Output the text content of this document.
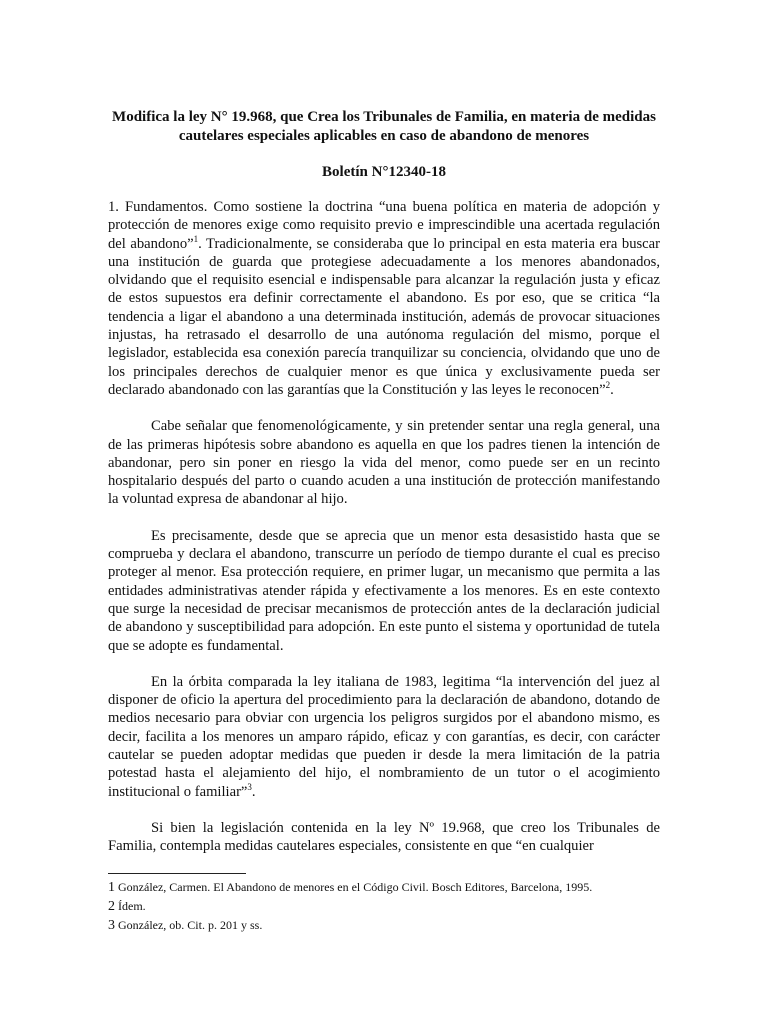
Modifica la ley N° 19.968, que Crea los Tribunales de Familia, en materia de medidas
cautelares especiales aplicables en caso de abandono de menores

Boletín N°12340-18

1. Fundamentos. Como sostiene la doctrina “una buena política en materia de adopción y protección de menores exige como requisito previo e imprescindible una acertada regulación del abandono”$^1$. Tradicionalmente, se consideraba que lo principal en esta materia era buscar una institución de guarda que protegiese adecuadamente a los menores abandonados, olvidando que el requisito esencial e indispensable para alcanzar la regulación justa y eficaz de estos supuestos era definir correctamente el abandono. Es por eso, que se critica “la tendencia a ligar el abandono a una determinada institución, además de provocar situaciones injustas, ha retrasado el desarrollo de una autónoma regulación del mismo, porque el legislador, establecida esa conexión parecía tranquilizar su conciencia, olvidando que uno de los principales derechos de cualquier menor es que única y exclusivamente pueda ser declarado abandonado con las garantías que la Constitución y las leyes le reconocen”$^2$.

Cabe señalar que fenomenológicamente, y sin pretender sentar una regla general, una de las primeras hipótesis sobre abandono es aquella en que los padres tienen la intención de abandonar, pero sin poner en riesgo la vida del menor, como puede ser en un recinto hospitalario después del parto o cuando acuden a una institución de protección manifestando la voluntad expresa de abandonar al hijo.

Es precisamente, desde que se aprecia que un menor esta desasistido hasta que se comprueba y declara el abandono, transcurre un período de tiempo durante el cual es preciso proteger al menor. Esa protección requiere, en primer lugar, un mecanismo que permita a las entidades administrativas atender rápida y efectivamente a los menores. Es en este contexto que surge la necesidad de precisar mecanismos de protección antes de la declaración judicial de abandono y susceptibilidad para adopción. En este punto el sistema y oportunidad de tutela que se adopte es fundamental.

En la órbita comparada la ley italiana de 1983, legitima “la intervención del juez al disponer de oficio la apertura del procedimiento para la declaración de abandono, dotando de medios necesario para obviar con urgencia los peligros surgidos por el abandono mismo, es decir, facilita a los menores un amparo rápido, eficaz y con garantías, es decir, con carácter cautelar se pueden adoptar medidas que pueden ir desde la mera limitación de la patria potestad hasta el alejamiento del hijo, el nombramiento de un tutor o el acogimiento institucional o familiar”$^3$.

Si bien la legislación contenida en la ley Nº 19.968, que creo los Tribunales de Familia, contempla medidas cautelares especiales, consistente en que “en cualquier

1 González, Carmen. El Abandono de menores en el Código Civil. Bosch Editores, Barcelona, 1995.

2 Ídem.

3 González, ob. Cit. p. 201 y ss.
